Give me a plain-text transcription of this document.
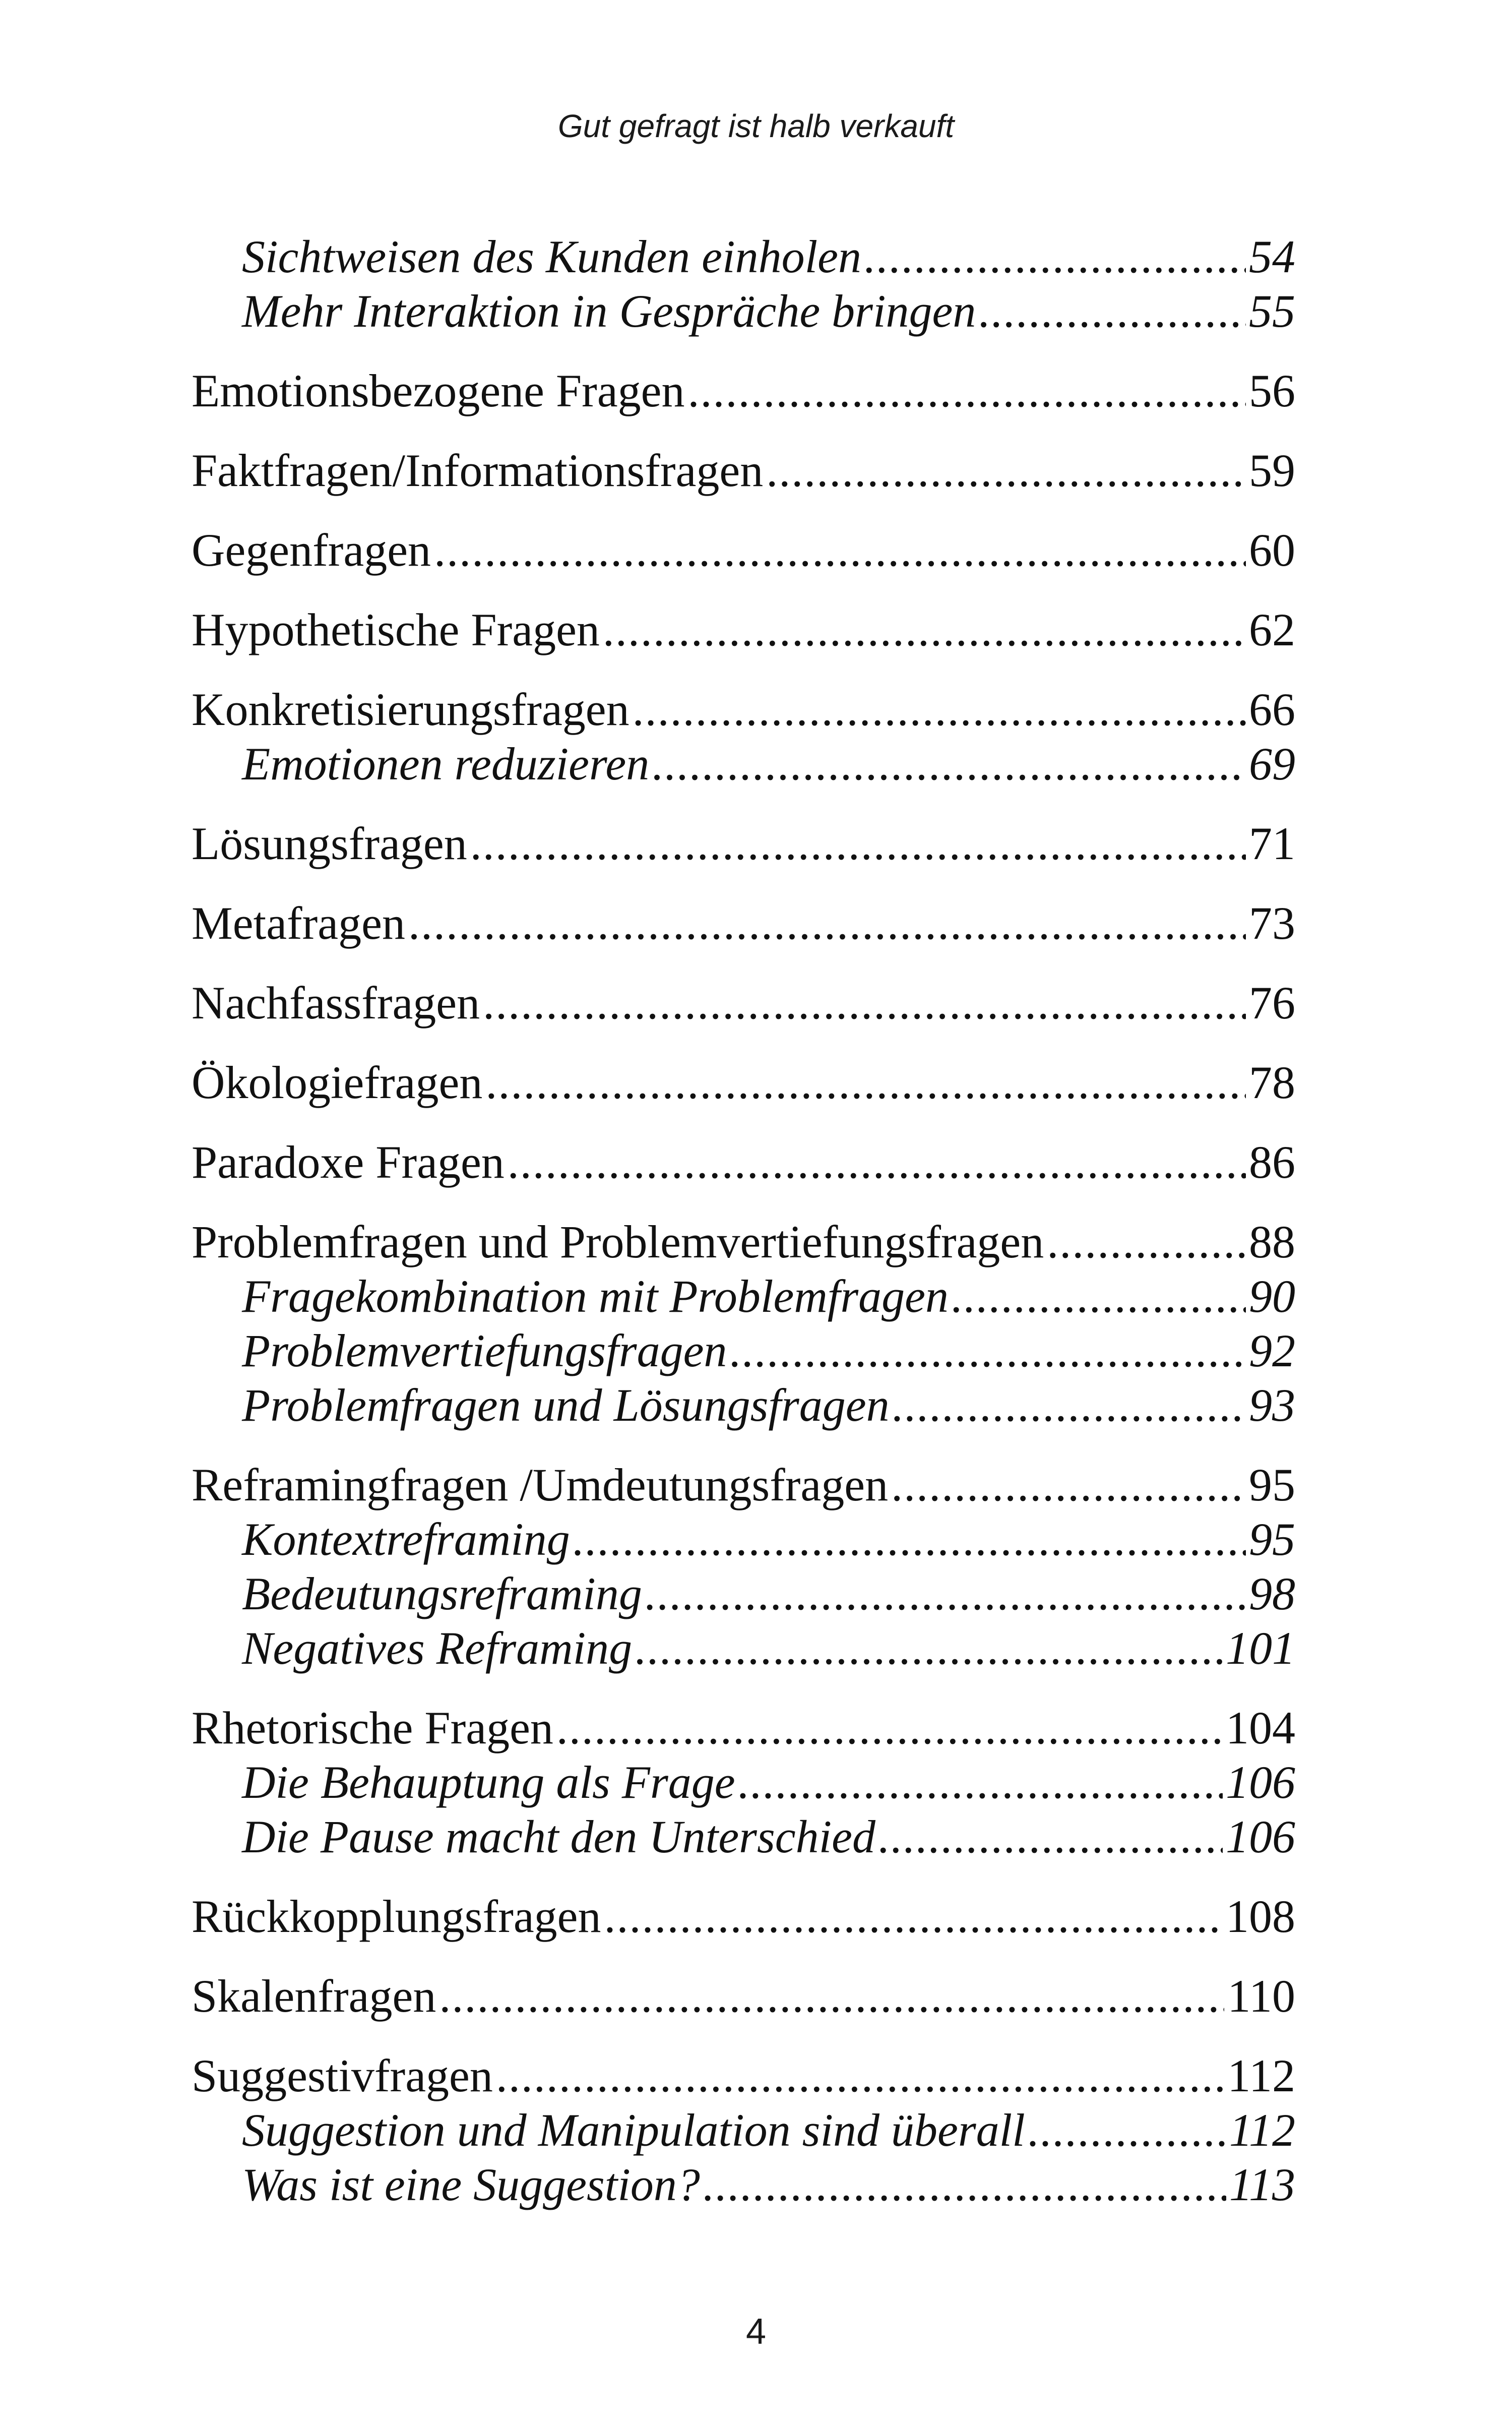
Gut gefragt ist halb verkauft
Sichtweisen des Kunden einholen .....	54
Mehr Interaktion in Gespräche bringen .....	55
Emotionsbezogene Fragen .....	56
Faktfragen/Informationsfragen .....	59
Gegenfragen .....	60
Hypothetische Fragen .....	62
Konkretisierungsfragen .....	66
Emotionen reduzieren .....	69
Lösungsfragen .....	71
Metafragen .....	73
Nachfassfragen .....	76
Ökologiefragen .....	78
Paradoxe Fragen .....	86
Problemfragen und Problemvertiefungsfragen .....	88
Fragekombination mit Problemfragen .....	90
Problemvertiefungsfragen .....	92
Problemfragen und Lösungsfragen .....	93
Reframingfragen /Umdeutungsfragen .....	95
Kontextreframing .....	95
Bedeutungsreframing .....	98
Negatives Reframing .....	101
Rhetorische Fragen .....	104
Die Behauptung als Frage .....	106
Die Pause macht den Unterschied .....	106
Rückkopplungsfragen .....	108
Skalenfragen .....	110
Suggestivfragen .....	112
Suggestion und Manipulation sind überall .....	112
Was ist eine Suggestion? .....	113
4
